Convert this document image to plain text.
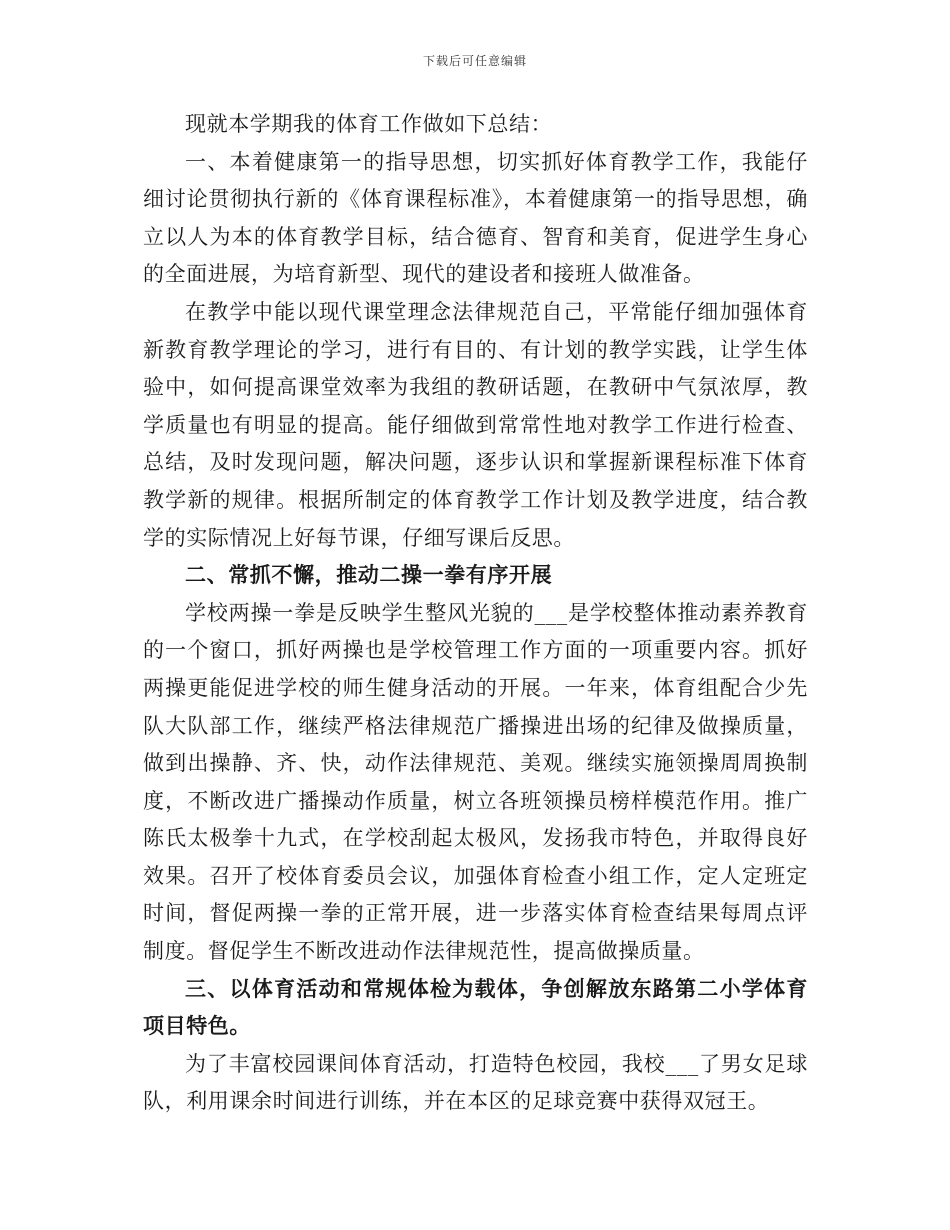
下载后可任意编辑

现就本学期我的体育工作做如下总结：

一、本着健康第一的指导思想，切实抓好体育教学工作，我能仔细讨论贯彻执行新的《体育课程标准》，本着健康第一的指导思想，确立以人为本的体育教学目标，结合德育、智育和美育，促进学生身心的全面进展，为培育新型、现代的建设者和接班人做准备。

在教学中能以现代课堂理念法律规范自己，平常能仔细加强体育新教育教学理论的学习，进行有目的、有计划的教学实践，让学生体验中，如何提高课堂效率为我组的教研话题，在教研中气氛浓厚，教学质量也有明显的提高。能仔细做到常常性地对教学工作进行检查、总结，及时发现问题，解决问题，逐步认识和掌握新课程标准下体育教学新的规律。根据所制定的体育教学工作计划及教学进度，结合教学的实际情况上好每节课，仔细写课后反思。

二、常抓不懈，推动二操一拳有序开展

学校两操一拳是反映学生整风光貌的___是学校整体推动素养教育的一个窗口，抓好两操也是学校管理工作方面的一项重要内容。抓好两操更能促进学校的师生健身活动的开展。一年来，体育组配合少先队大队部工作，继续严格法律规范广播操进出场的纪律及做操质量，做到出操静、齐、快，动作法律规范、美观。继续实施领操周周换制度，不断改进广播操动作质量，树立各班领操员榜样模范作用。推广陈氏太极拳十九式，在学校刮起太极风，发扬我市特色，并取得良好效果。召开了校体育委员会议，加强体育检查小组工作，定人定班定时间，督促两操一拳的正常开展，进一步落实体育检查结果每周点评制度。督促学生不断改进动作法律规范性，提高做操质量。

三、以体育活动和常规体检为载体，争创解放东路第二小学体育项目特色。

为了丰富校园课间体育活动，打造特色校园，我校___了男女足球队，利用课余时间进行训练，并在本区的足球竞赛中获得双冠王。
